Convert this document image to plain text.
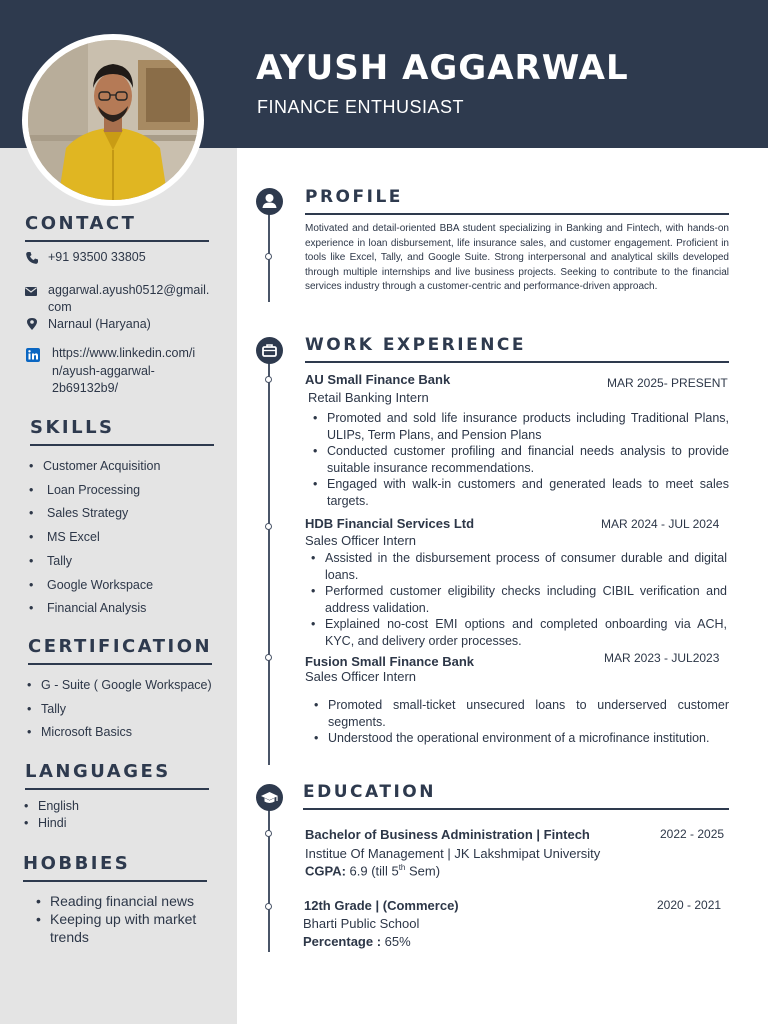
AYUSH AGGARWAL
FINANCE ENTHUSIAST
CONTACT
+91 93500 33805
aggarwal.ayush0512@gmail.
com
Narnaul (Haryana)
https://www.linkedin.com/i
n/ayush-aggarwal-
2b69132b9/
SKILLS
• Customer Acquisition
• Loan Processing
• Sales Strategy
• MS Excel
• Tally
• Google Workspace
• Financial Analysis
CERTIFICATION
• G - Suite ( Google Workspace)
• Tally
• Microsoft Basics
LANGUAGES
• English
• Hindi
HOBBIES
• Reading financial news
• Keeping up with market
trends
PROFILE
Motivated and detail-oriented BBA student specializing in Banking and Fintech, with hands-on experience in loan disbursement, life insurance sales, and customer engagement. Proficient in tools like Excel, Tally, and Google Suite. Strong interpersonal and analytical skills developed through multiple internships and live business projects. Seeking to contribute to the financial services industry through a customer-centric and performance-driven approach.
WORK EXPERIENCE
AU Small Finance Bank	MAR 2025- PRESENT
Retail Banking Intern
• Promoted and sold life insurance products including Traditional Plans, ULIPs, Term Plans, and Pension Plans
• Conducted customer profiling and financial needs analysis to provide suitable insurance recommendations.
• Engaged with walk-in customers and generated leads to meet sales targets.
HDB Financial Services Ltd	MAR 2024 - JUL 2024
Sales Officer Intern
• Assisted in the disbursement process of consumer durable and digital loans.
• Performed customer eligibility checks including CIBIL verification and address validation.
• Explained no-cost EMI options and completed onboarding via ACH, KYC, and delivery order processes.
Fusion Small Finance Bank	MAR 2023 - JUL2023
Sales Officer Intern
• Promoted small-ticket unsecured loans to underserved customer segments.
• Understood the operational environment of a microfinance institution.
EDUCATION
Bachelor of Business Administration | Fintech	2022 - 2025
Institue Of Management | JK Lakshmipat University
CGPA: 6.9 (till 5th Sem)
12th Grade | (Commerce)	2020 - 2021
Bharti Public School
Percentage : 65%
